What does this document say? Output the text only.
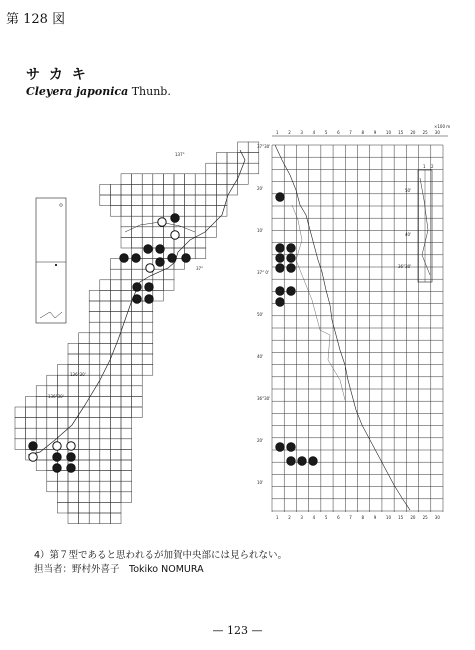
第 128 図
サ カ キ
Cleyera japonica Thunb.
137°
136°30'
136°30'
37°
1
1
2
2
3
3
4
4
5
5
6
6
7
7
8
8
9
9
10
10
15
15
20
20
25
25
30
30
×100 m
37°30'
20'
10'
37° 0'
50'
40'
36°30'
20'
10'
1 2
50'
40'
36°30'
4）第７型であると思われるが加賀中央部には見られない。
担当者：野村外喜子　Tokiko NOMURA
— 123 —
